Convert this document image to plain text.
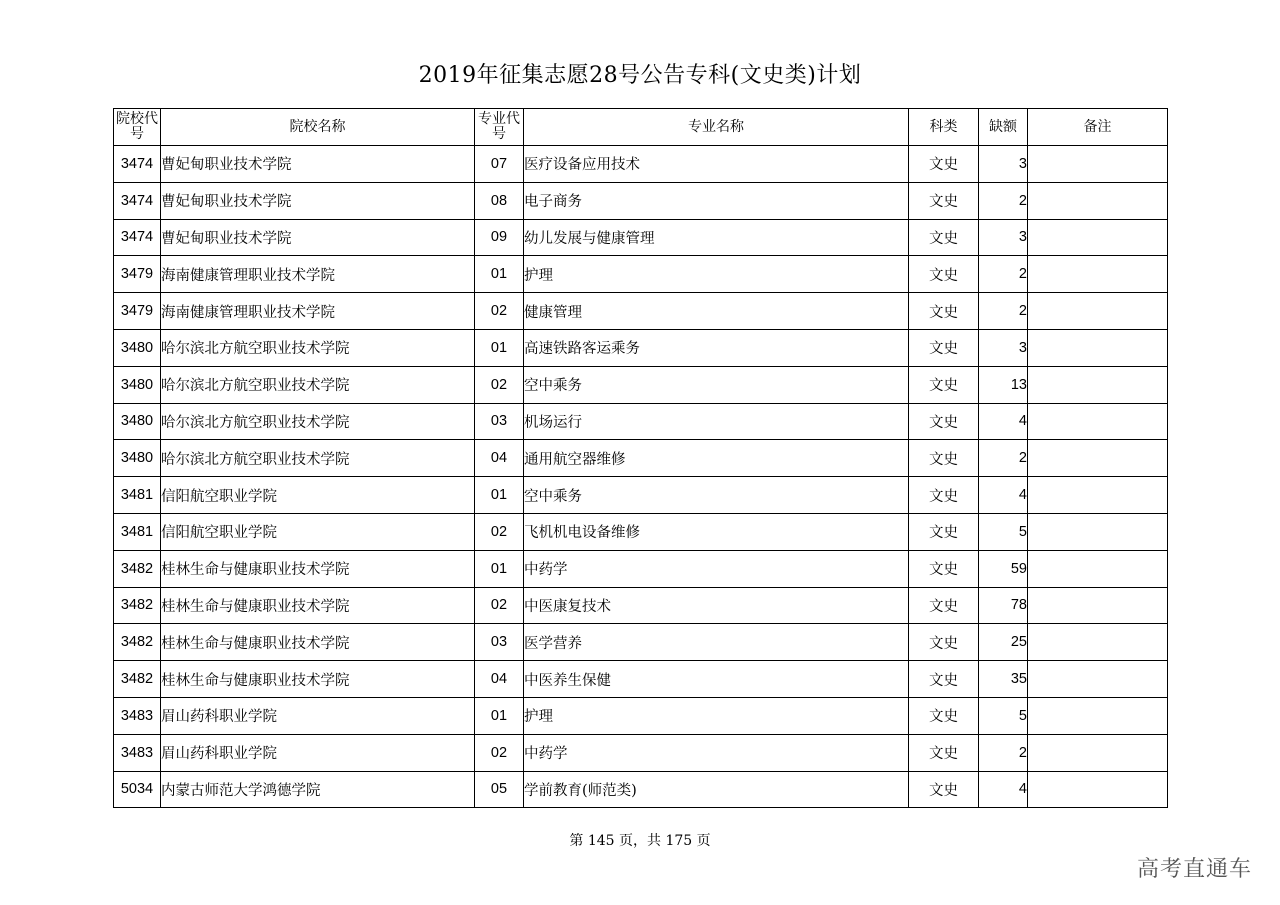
2019年征集志愿28号公告专科(文史类)计划
院校代号	院校名称	专业代号	专业名称	科类	缺额	备注
3474	曹妃甸职业技术学院	07	医疗设备应用技术	文史	3	
3474	曹妃甸职业技术学院	08	电子商务	文史	2	
3474	曹妃甸职业技术学院	09	幼儿发展与健康管理	文史	3	
3479	海南健康管理职业技术学院	01	护理	文史	2	
3479	海南健康管理职业技术学院	02	健康管理	文史	2	
3480	哈尔滨北方航空职业技术学院	01	高速铁路客运乘务	文史	3	
3480	哈尔滨北方航空职业技术学院	02	空中乘务	文史	13	
3480	哈尔滨北方航空职业技术学院	03	机场运行	文史	4	
3480	哈尔滨北方航空职业技术学院	04	通用航空器维修	文史	2	
3481	信阳航空职业学院	01	空中乘务	文史	4	
3481	信阳航空职业学院	02	飞机机电设备维修	文史	5	
3482	桂林生命与健康职业技术学院	01	中药学	文史	59	
3482	桂林生命与健康职业技术学院	02	中医康复技术	文史	78	
3482	桂林生命与健康职业技术学院	03	医学营养	文史	25	
3482	桂林生命与健康职业技术学院	04	中医养生保健	文史	35	
3483	眉山药科职业学院	01	护理	文史	5	
3483	眉山药科职业学院	02	中药学	文史	2	
5034	内蒙古师范大学鸿德学院	05	学前教育(师范类)	文史	4	
第 145 页，共 175 页
高考直通车
